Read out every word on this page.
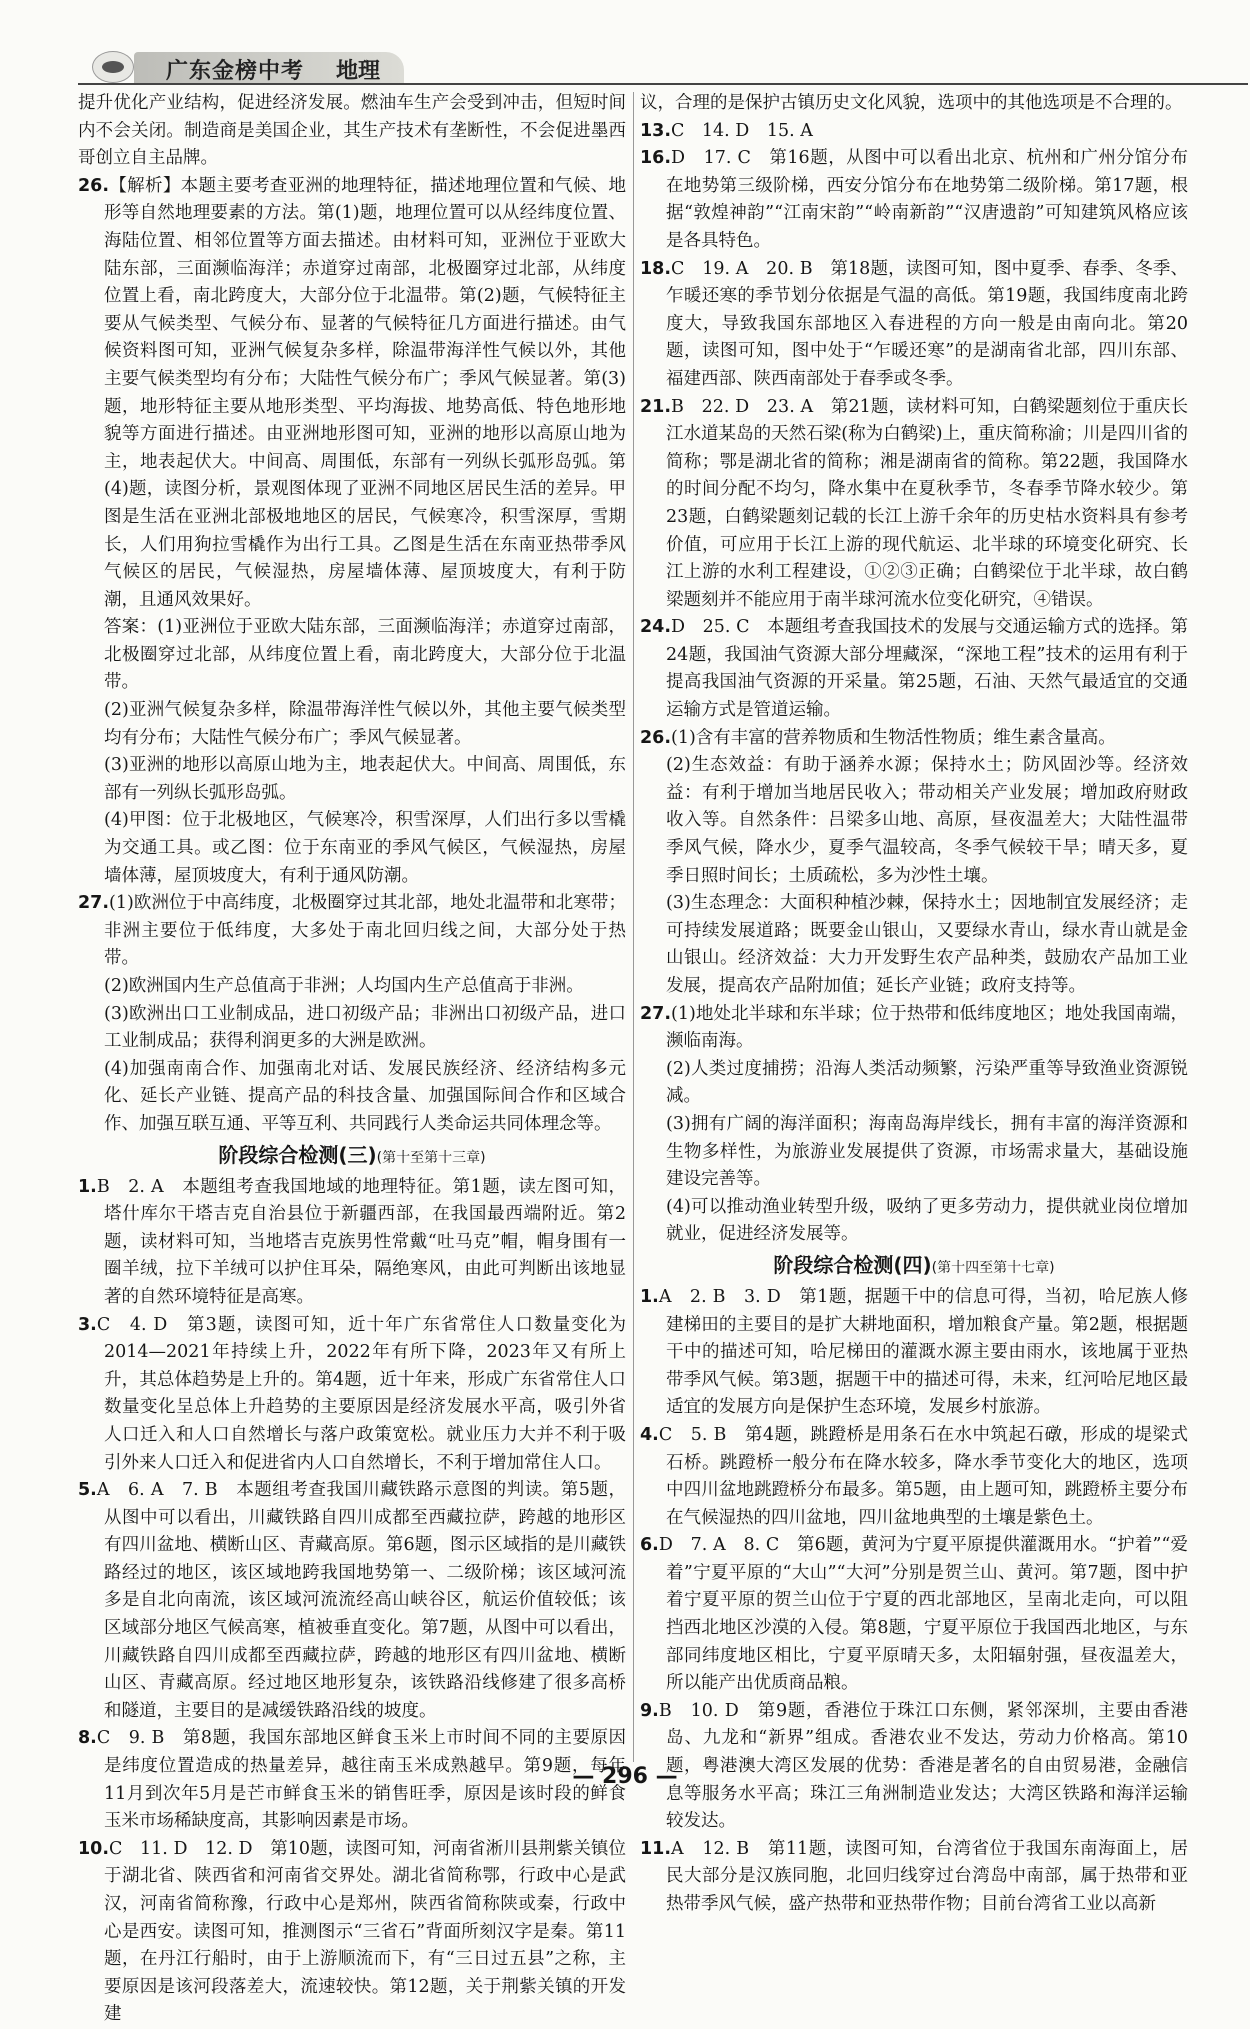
广东金榜中考 地理

提升优化产业结构，促进经济发展。燃油车生产会受到冲击，但短时间内不会关闭。制造商是美国企业，其生产技术有垄断性，不会促进墨西哥创立自主品牌。

26.【解析】本题主要考查亚洲的地理特征，描述地理位置和气候、地形等自然地理要素的方法。第(1)题，地理位置可以从经纬度位置、海陆位置、相邻位置等方面去描述。由材料可知，亚洲位于亚欧大陆东部，三面濒临海洋；赤道穿过南部，北极圈穿过北部，从纬度位置上看，南北跨度大，大部分位于北温带。第(2)题，气候特征主要从气候类型、气候分布、显著的气候特征几方面进行描述。由气候资料图可知，亚洲气候复杂多样，除温带海洋性气候以外，其他主要气候类型均有分布；大陆性气候分布广；季风气候显著。第(3)题，地形特征主要从地形类型、平均海拔、地势高低、特色地形地貌等方面进行描述。由亚洲地形图可知，亚洲的地形以高原山地为主，地表起伏大。中间高、周围低，东部有一列纵长弧形岛弧。第(4)题，读图分析，景观图体现了亚洲不同地区居民生活的差异。甲图是生活在亚洲北部极地地区的居民，气候寒冷，积雪深厚，雪期长，人们用狗拉雪橇作为出行工具。乙图是生活在东南亚热带季风气候区的居民，气候湿热，房屋墙体薄、屋顶坡度大，有利于防潮，且通风效果好。

答案：(1)亚洲位于亚欧大陆东部，三面濒临海洋；赤道穿过南部，北极圈穿过北部，从纬度位置上看，南北跨度大，大部分位于北温带。

(2)亚洲气候复杂多样，除温带海洋性气候以外，其他主要气候类型均有分布；大陆性气候分布广；季风气候显著。

(3)亚洲的地形以高原山地为主，地表起伏大。中间高、周围低，东部有一列纵长弧形岛弧。

(4)甲图：位于北极地区，气候寒冷，积雪深厚，人们出行多以雪橇为交通工具。或乙图：位于东南亚的季风气候区，气候湿热，房屋墙体薄，屋顶坡度大，有利于通风防潮。

27.(1)欧洲位于中高纬度，北极圈穿过其北部，地处北温带和北寒带；非洲主要位于低纬度，大多处于南北回归线之间，大部分处于热带。

(2)欧洲国内生产总值高于非洲；人均国内生产总值高于非洲。

(3)欧洲出口工业制成品，进口初级产品；非洲出口初级产品，进口工业制成品；获得利润更多的大洲是欧洲。

(4)加强南南合作、加强南北对话、发展民族经济、经济结构多元化、延长产业链、提高产品的科技含量、加强国际间合作和区域合作、加强互联互通、平等互利、共同践行人类命运共同体理念等。

阶段综合检测(三)(第十至第十三章)

1.B　2. A　本题组考查我国地域的地理特征。第1题，读左图可知，塔什库尔干塔吉克自治县位于新疆西部，在我国最西端附近。第2题，读材料可知，当地塔吉克族男性常戴“吐马克”帽，帽身围有一圈羊绒，拉下羊绒可以护住耳朵，隔绝寒风，由此可判断出该地显著的自然环境特征是高寒。

3.C　4. D　第3题，读图可知，近十年广东省常住人口数量变化为2014—2021年持续上升，2022年有所下降，2023年又有所上升，其总体趋势是上升的。第4题，近十年来，形成广东省常住人口数量变化呈总体上升趋势的主要原因是经济发展水平高，吸引外省人口迁入和人口自然增长与落户政策宽松。就业压力大并不利于吸引外来人口迁入和促进省内人口自然增长，不利于增加常住人口。

5.A　6. A　7. B　本题组考查我国川藏铁路示意图的判读。第5题，从图中可以看出，川藏铁路自四川成都至西藏拉萨，跨越的地形区有四川盆地、横断山区、青藏高原。第6题，图示区域指的是川藏铁路经过的地区，该区域地跨我国地势第一、二级阶梯；该区域河流多是自北向南流，该区域河流流经高山峡谷区，航运价值较低；该区域部分地区气候高寒，植被垂直变化。第7题，从图中可以看出，川藏铁路自四川成都至西藏拉萨，跨越的地形区有四川盆地、横断山区、青藏高原。经过地区地形复杂，该铁路沿线修建了很多高桥和隧道，主要目的是减缓铁路沿线的坡度。

8.C　9. B　第8题，我国东部地区鲜食玉米上市时间不同的主要原因是纬度位置造成的热量差异，越往南玉米成熟越早。第9题，每年11月到次年5月是芒市鲜食玉米的销售旺季，原因是该时段的鲜食玉米市场稀缺度高，其影响因素是市场。

10.C　11. D　12. D　第10题，读图可知，河南省淅川县荆紫关镇位于湖北省、陕西省和河南省交界处。湖北省简称鄂，行政中心是武汉，河南省简称豫，行政中心是郑州，陕西省简称陕或秦，行政中心是西安。读图可知，推测图示“三省石”背面所刻汉字是秦。第11题，在丹江行船时，由于上游顺流而下，有“三日过五县”之称，主要原因是该河段落差大，流速较快。第12题，关于荆紫关镇的开发建

议，合理的是保护古镇历史文化风貌，选项中的其他选项是不合理的。

13.C　14. D　15. A

16.D　17. C　第16题，从图中可以看出北京、杭州和广州分馆分布在地势第三级阶梯，西安分馆分布在地势第二级阶梯。第17题，根据“敦煌神韵”“江南宋韵”“岭南新韵”“汉唐遗韵”可知建筑风格应该是各具特色。

18.C　19. A　20. B　第18题，读图可知，图中夏季、春季、冬季、乍暖还寒的季节划分依据是气温的高低。第19题，我国纬度南北跨度大，导致我国东部地区入春进程的方向一般是由南向北。第20题，读图可知，图中处于“乍暖还寒”的是湖南省北部，四川东部、福建西部、陕西南部处于春季或冬季。

21.B　22. D　23. A　第21题，读材料可知，白鹤梁题刻位于重庆长江水道某岛的天然石梁(称为白鹤梁)上，重庆简称渝；川是四川省的简称；鄂是湖北省的简称；湘是湖南省的简称。第22题，我国降水的时间分配不均匀，降水集中在夏秋季节，冬春季节降水较少。第23题，白鹤梁题刻记载的长江上游千余年的历史枯水资料具有参考价值，可应用于长江上游的现代航运、北半球的环境变化研究、长江上游的水利工程建设，①②③正确；白鹤梁位于北半球，故白鹤梁题刻并不能应用于南半球河流水位变化研究，④错误。

24.D　25. C　本题组考查我国技术的发展与交通运输方式的选择。第24题，我国油气资源大部分埋藏深，“深地工程”技术的运用有利于提高我国油气资源的开采量。第25题，石油、天然气最适宜的交通运输方式是管道运输。

26.(1)含有丰富的营养物质和生物活性物质；维生素含量高。

(2)生态效益：有助于涵养水源；保持水土；防风固沙等。经济效益：有利于增加当地居民收入；带动相关产业发展；增加政府财政收入等。自然条件：吕梁多山地、高原，昼夜温差大；大陆性温带季风气候，降水少，夏季气温较高，冬季气候较干旱；晴天多，夏季日照时间长；土质疏松，多为沙性土壤。

(3)生态理念：大面积种植沙棘，保持水土；因地制宜发展经济；走可持续发展道路；既要金山银山，又要绿水青山，绿水青山就是金山银山。经济效益：大力开发野生农产品种类，鼓励农产品加工业发展，提高农产品附加值；延长产业链；政府支持等。

27.(1)地处北半球和东半球；位于热带和低纬度地区；地处我国南端，濒临南海。

(2)人类过度捕捞；沿海人类活动频繁，污染严重等导致渔业资源锐减。

(3)拥有广阔的海洋面积；海南岛海岸线长，拥有丰富的海洋资源和生物多样性，为旅游业发展提供了资源，市场需求量大，基础设施建设完善等。

(4)可以推动渔业转型升级，吸纳了更多劳动力，提供就业岗位增加就业，促进经济发展等。

阶段综合检测(四)(第十四至第十七章)

1.A　2. B　3. D　第1题，据题干中的信息可得，当初，哈尼族人修建梯田的主要目的是扩大耕地面积，增加粮食产量。第2题，根据题干中的描述可知，哈尼梯田的灌溉水源主要由雨水，该地属于亚热带季风气候。第3题，据题干中的描述可得，未来，红河哈尼地区最适宜的发展方向是保护生态环境，发展乡村旅游。

4.C　5. B　第4题，跳蹬桥是用条石在水中筑起石礅，形成的堤梁式石桥。跳蹬桥一般分布在降水较多，降水季节变化大的地区，选项中四川盆地跳蹬桥分布最多。第5题，由上题可知，跳蹬桥主要分布在气候湿热的四川盆地，四川盆地典型的土壤是紫色土。

6.D　7. A　8. C　第6题，黄河为宁夏平原提供灌溉用水。“护着”“爱着”宁夏平原的“大山”“大河”分别是贺兰山、黄河。第7题，图中护着宁夏平原的贺兰山位于宁夏的西北部地区，呈南北走向，可以阻挡西北地区沙漠的入侵。第8题，宁夏平原位于我国西北地区，与东部同纬度地区相比，宁夏平原晴天多，太阳辐射强，昼夜温差大，所以能产出优质商品粮。

9.B　10. D　第9题，香港位于珠江口东侧，紧邻深圳，主要由香港岛、九龙和“新界”组成。香港农业不发达，劳动力价格高。第10题，粤港澳大湾区发展的优势：香港是著名的自由贸易港，金融信息等服务水平高；珠江三角洲制造业发达；大湾区铁路和海洋运输较发达。

11.A　12. B　第11题，读图可知，台湾省位于我国东南海面上，居民大部分是汉族同胞，北回归线穿过台湾岛中南部，属于热带和亚热带季风气候，盛产热带和亚热带作物；目前台湾省工业以高新

— 296 —
